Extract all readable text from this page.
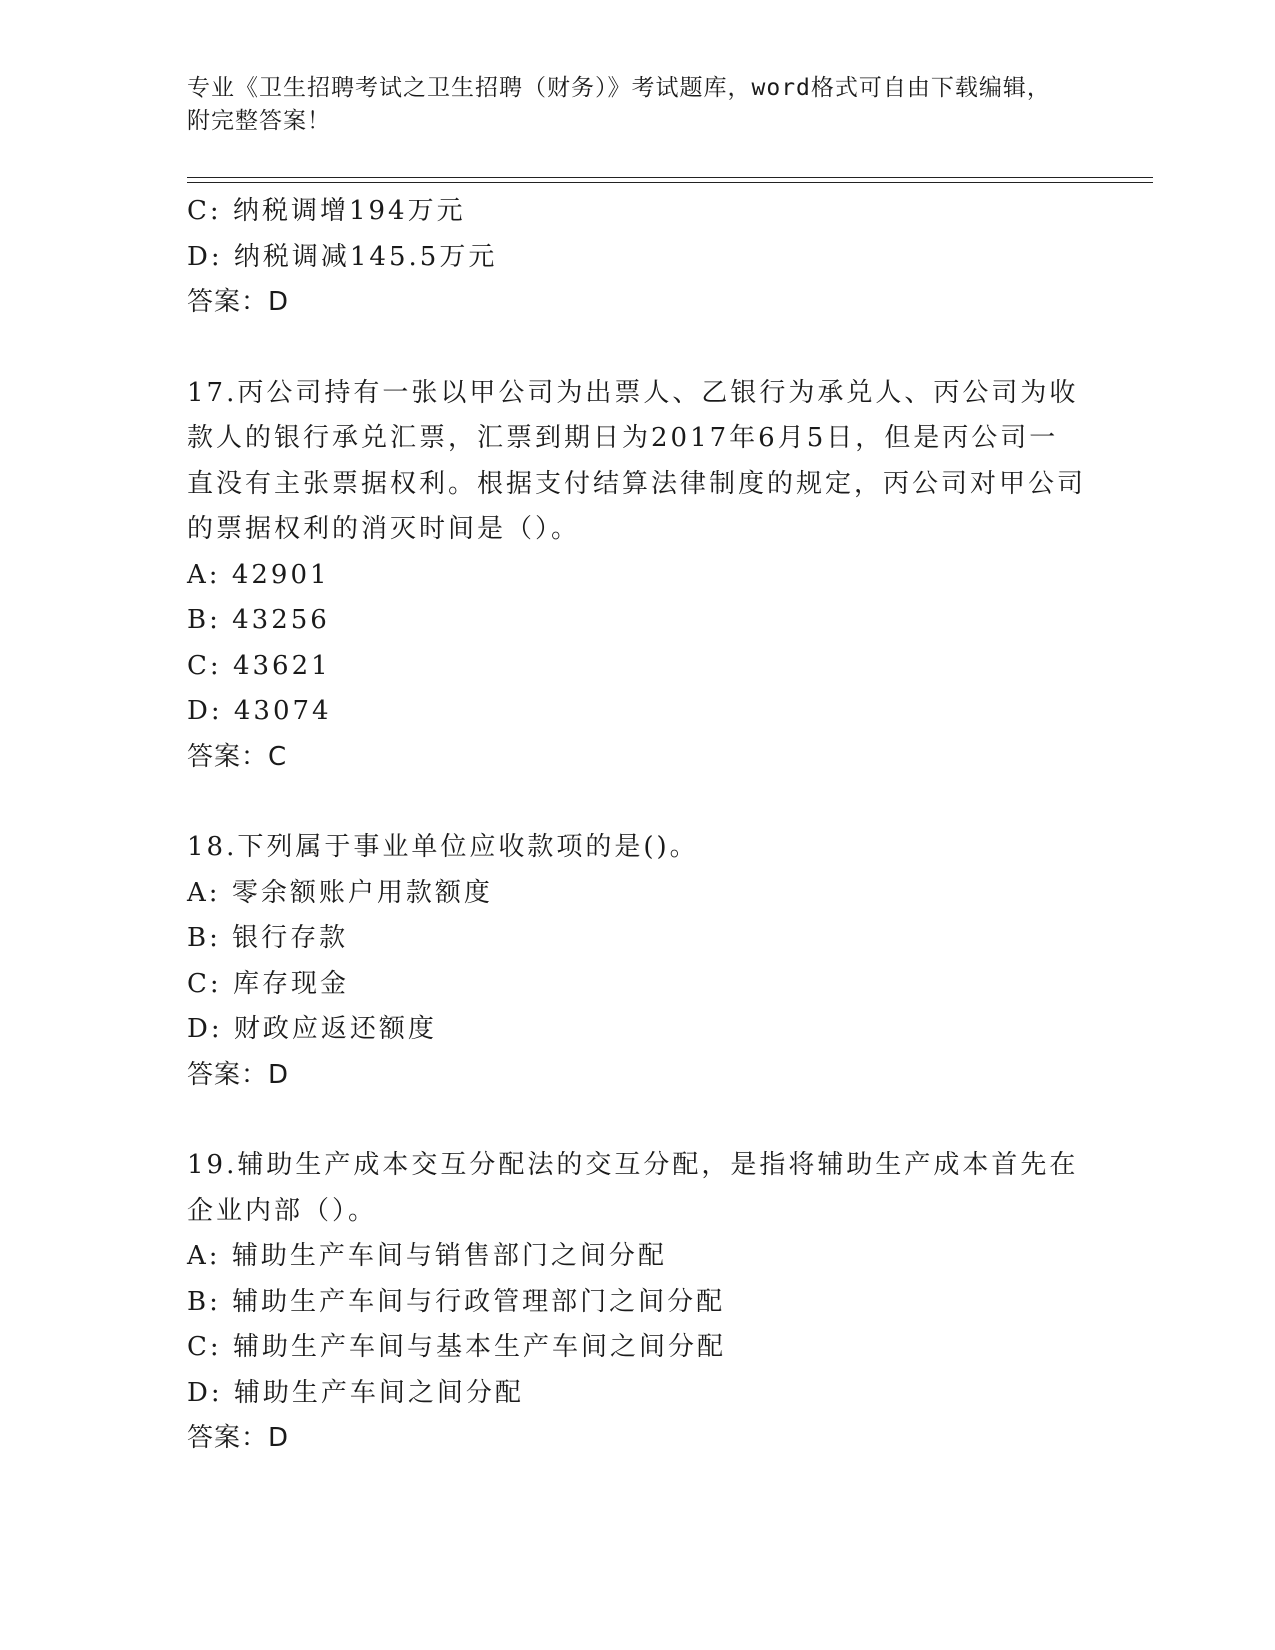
专业《卫生招聘考试之卫生招聘（财务）》考试题库，word格式可自由下载编辑，附完整答案！
C: 纳税调增194万元
D: 纳税调减145.5万元
答案：D
17.丙公司持有一张以甲公司为出票人、乙银行为承兑人、丙公司为收款人的银行承兑汇票，汇票到期日为2017年6月5日，但是丙公司一直没有主张票据权利。根据支付结算法律制度的规定，丙公司对甲公司的票据权利的消灭时间是（）。
A: 42901
B: 43256
C: 43621
D: 43074
答案：C
18.下列属于事业单位应收款项的是()。
A: 零余额账户用款额度
B: 银行存款
C: 库存现金
D: 财政应返还额度
答案：D
19.辅助生产成本交互分配法的交互分配，是指将辅助生产成本首先在企业内部（）。
A: 辅助生产车间与销售部门之间分配
B: 辅助生产车间与行政管理部门之间分配
C: 辅助生产车间与基本生产车间之间分配
D: 辅助生产车间之间分配
答案：D
